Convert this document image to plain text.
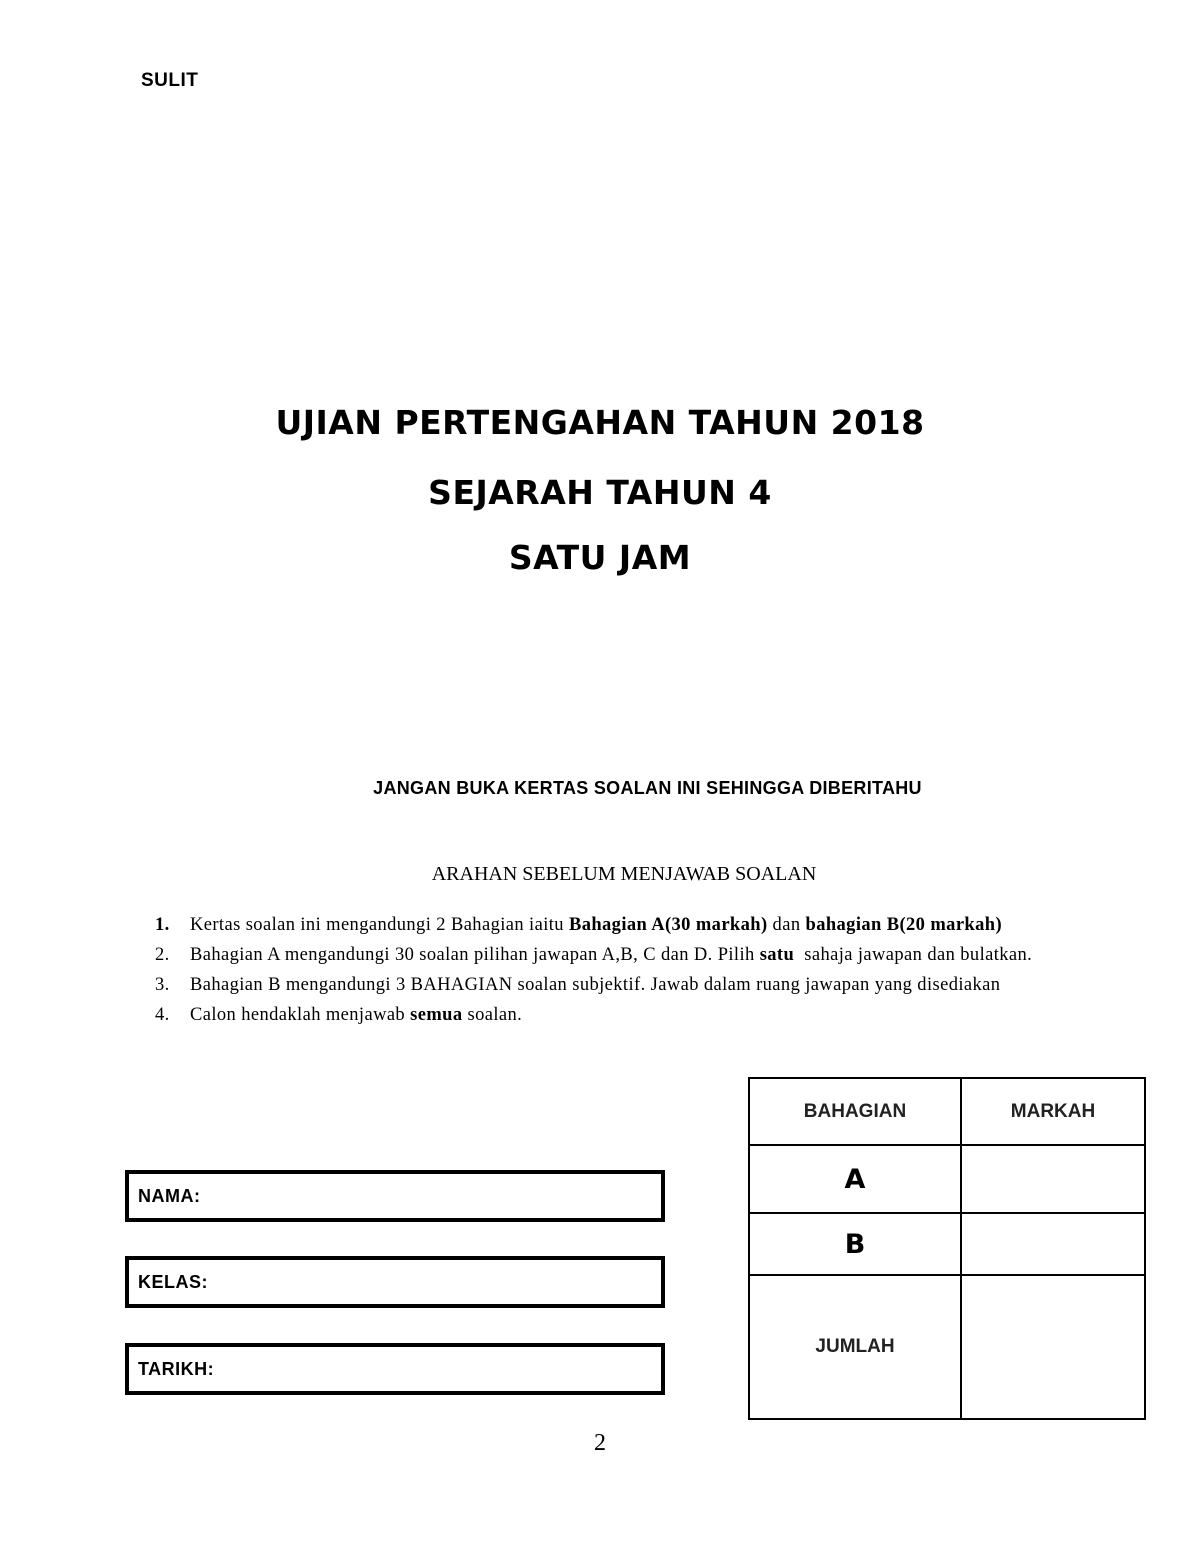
SULIT
UJIAN PERTENGAHAN TAHUN 2018
SEJARAH TAHUN 4
SATU JAM
JANGAN BUKA KERTAS SOALAN INI SEHINGGA DIBERITAHU
ARAHAN SEBELUM MENJAWAB SOALAN
1. Kertas soalan ini mengandungi 2 Bahagian iaitu Bahagian A(30 markah) dan bahagian B(20 markah)
2. Bahagian A mengandungi 30 soalan pilihan jawapan A,B, C dan D. Pilih satu  sahaja jawapan dan bulatkan.
3. Bahagian B mengandungi 3 BAHAGIAN soalan subjektif. Jawab dalam ruang jawapan yang disediakan
4. Calon hendaklah menjawab semua soalan.
NAMA:
KELAS:
TARIKH:
BAHAGIAN	MARKAH
A	
B	
JUMLAH	
2
